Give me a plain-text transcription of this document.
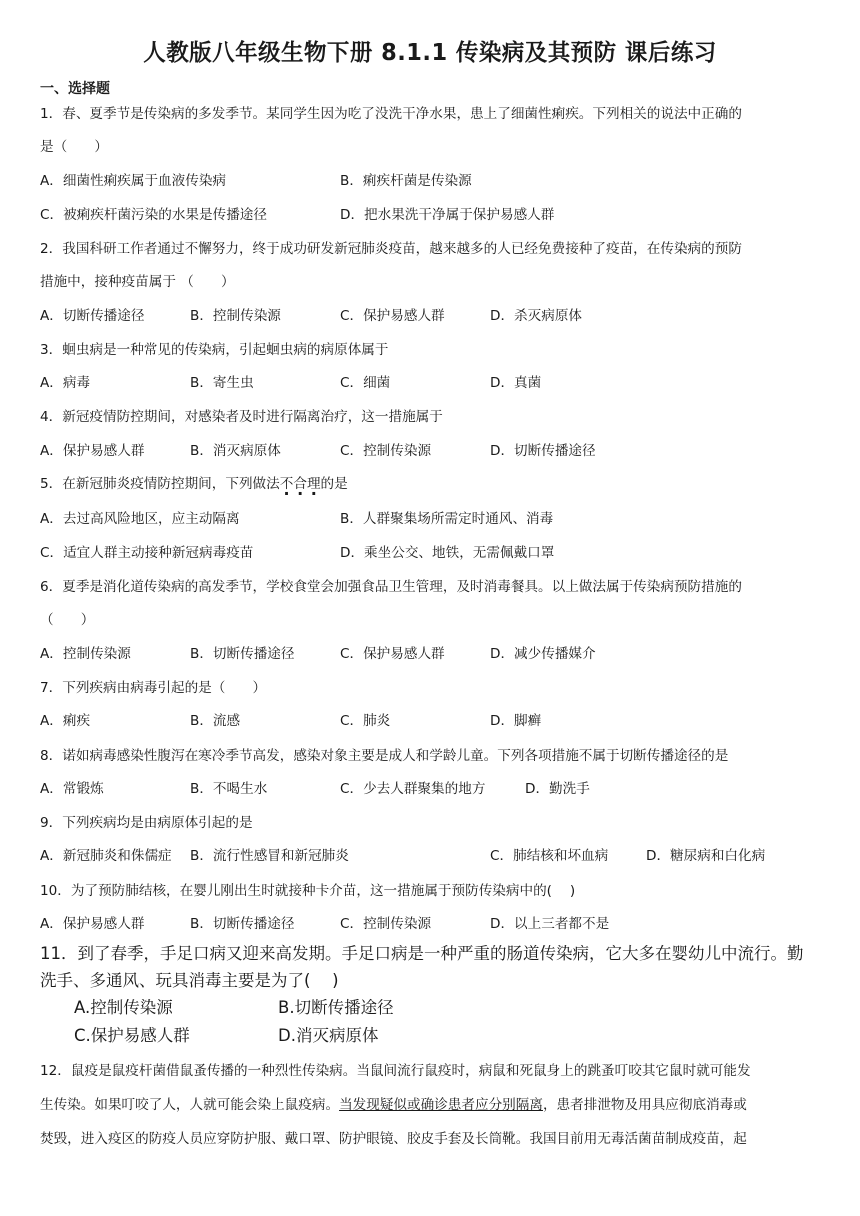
人教版八年级生物下册 8.1.1 传染病及其预防 课后练习
一、选择题
1．春、夏季节是传染病的多发季节。某同学生因为吃了没洗干净水果，患上了细菌性痢疾。下列相关的说法中正确的
是（　　）
A．细菌性痢疾属于血液传染病	B．痢疾杆菌是传染源
C．被痢疾杆菌污染的水果是传播途径	D．把水果洗干净属于保护易感人群
2．我国科研工作者通过不懈努力，终于成功研发新冠肺炎疫苗，越来越多的人已经免费接种了疫苗，在传染病的预防
措施中，接种疫苗属于 （　　）
A．切断传播途径	B．控制传染源	C．保护易感人群	D．杀灭病原体
3．蛔虫病是一种常见的传染病，引起蛔虫病的病原体属于
A．病毒	B．寄生虫	C．细菌	D．真菌
4．新冠疫情防控期间，对感染者及时进行隔离治疗，这一措施属于
A．保护易感人群	B．消灭病原体	C．控制传染源	D．切断传播途径
5．在新冠肺炎疫情防控期间，下列做法不合理的是
A．去过高风险地区，应主动隔离	B．人群聚集场所需定时通风、消毒
C．适宜人群主动接种新冠病毒疫苗	D．乘坐公交、地铁，无需佩戴口罩
6．夏季是消化道传染病的高发季节，学校食堂会加强食品卫生管理，及时消毒餐具。以上做法属于传染病预防措施的
（　　）
A．控制传染源	B．切断传播途径	C．保护易感人群	D．减少传播媒介
7．下列疾病由病毒引起的是（　　）
A．痢疾	B．流感	C．肺炎	D．脚癣
8．诺如病毒感染性腹泻在寒冷季节高发，感染对象主要是成人和学龄儿童。下列各项措施不属于切断传播途径的是
A．常锻炼	B．不喝生水	C．少去人群聚集的地方	D．勤洗手
9．下列疾病均是由病原体引起的是
A．新冠肺炎和侏儒症 B．流行性感冒和新冠肺炎	C．肺结核和坏血病	D．糖尿病和白化病
10．为了预防肺结核，在婴儿刚出生时就接种卡介苗，这一措施属于预防传染病中的(　 )
A．保护易感人群	B．切断传播途径	C．控制传染源	D．以上三者都不是
11．到了春季，手足口病又迎来高发期。手足口病是一种严重的肠道传染病，它大多在婴幼儿中流行。勤
洗手、多通风、玩具消毒主要是为了(　 )
A.控制传染源	B.切断传播途径
C.保护易感人群	D.消灭病原体
12．鼠疫是鼠疫杆菌借鼠蚤传播的一种烈性传染病。当鼠间流行鼠疫时，病鼠和死鼠身上的跳蚤叮咬其它鼠时就可能发
生传染。如果叮咬了人，人就可能会染上鼠疫病。当发现疑似或确诊患者应分别隔离，患者排泄物及用具应彻底消毒或
焚毁，进入疫区的防疫人员应穿防护服、戴口罩、防护眼镜、胶皮手套及长筒靴。我国目前用无毒活菌苗制成疫苗，起
